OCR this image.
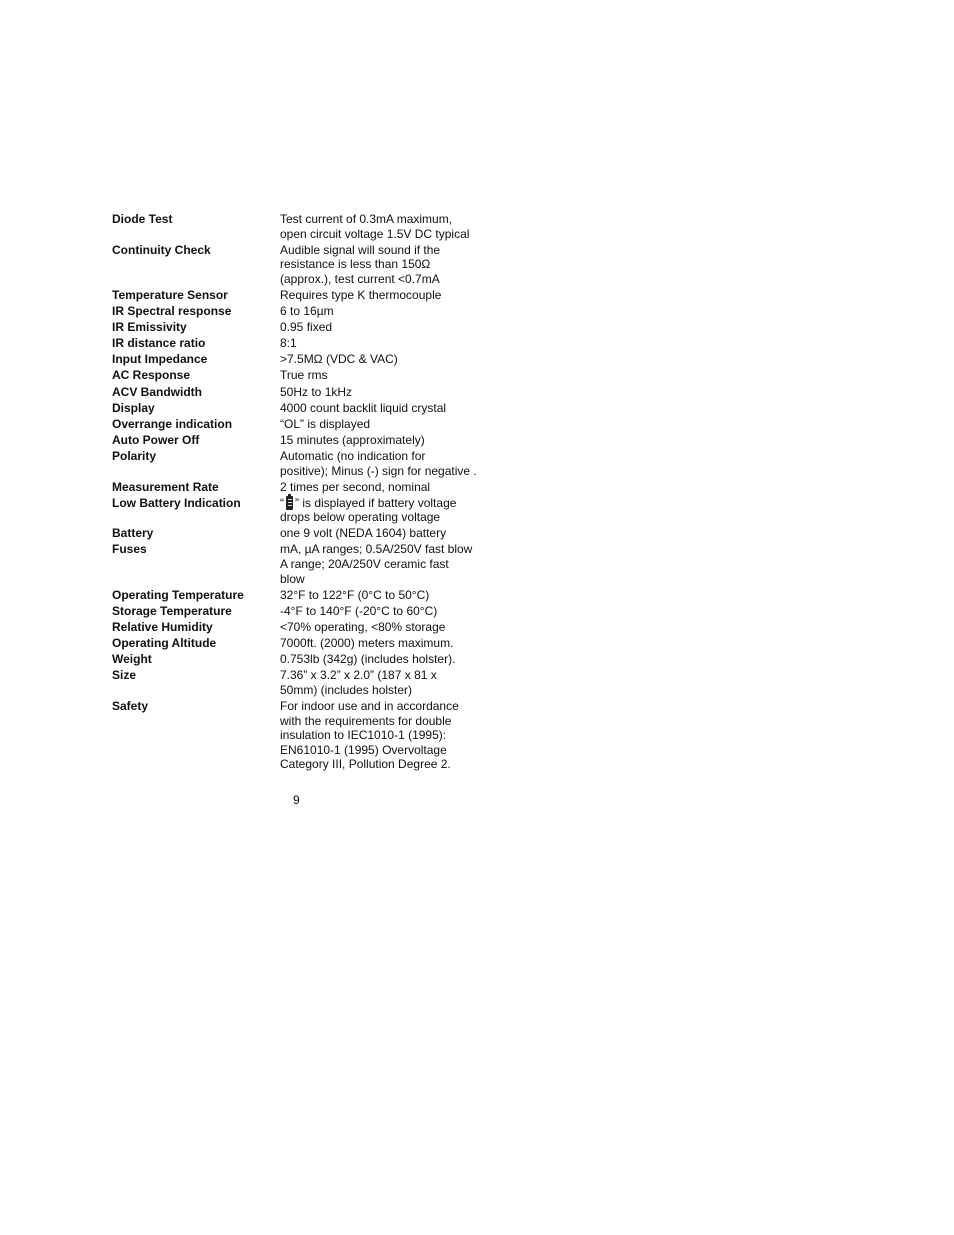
Diode Test	Test current of 0.3mA maximum,
open circuit voltage 1.5V DC typical
Continuity Check	Audible signal will sound if the
resistance is less than 150Ω
(approx.), test current <0.7mA
Temperature Sensor	Requires type K thermocouple
IR Spectral response	6 to 16µm
IR Emissivity	0.95 fixed
IR distance ratio	8:1
Input Impedance	>7.5MΩ (VDC & VAC)
AC Response	True rms
ACV Bandwidth	50Hz to 1kHz
Display	4000 count backlit liquid crystal
Overrange indication	“OL” is displayed
Auto Power Off	15 minutes (approximately)
Polarity	Automatic (no indication for
positive); Minus (-) sign for negative .
Measurement Rate	2 times per second, nominal
Low Battery Indication	“ ” is displayed if battery voltage
drops below operating voltage
Battery	one 9 volt (NEDA 1604) battery
Fuses	mA, µA ranges; 0.5A/250V fast blow
A range; 20A/250V ceramic fast
blow
Operating Temperature	32°F to 122°F (0°C to 50°C)
Storage Temperature	-4°F to 140°F (-20°C to 60°C)
Relative Humidity	<70% operating, <80% storage
Operating Altitude	7000ft. (2000) meters maximum.
Weight	0.753lb (342g) (includes holster).
Size	7.36” x 3.2” x 2.0” (187 x 81 x
50mm) (includes holster)
Safety	For indoor use and in accordance
with the requirements for double
insulation to IEC1010-1 (1995):
EN61010-1 (1995) Overvoltage
Category III, Pollution Degree 2.
9
